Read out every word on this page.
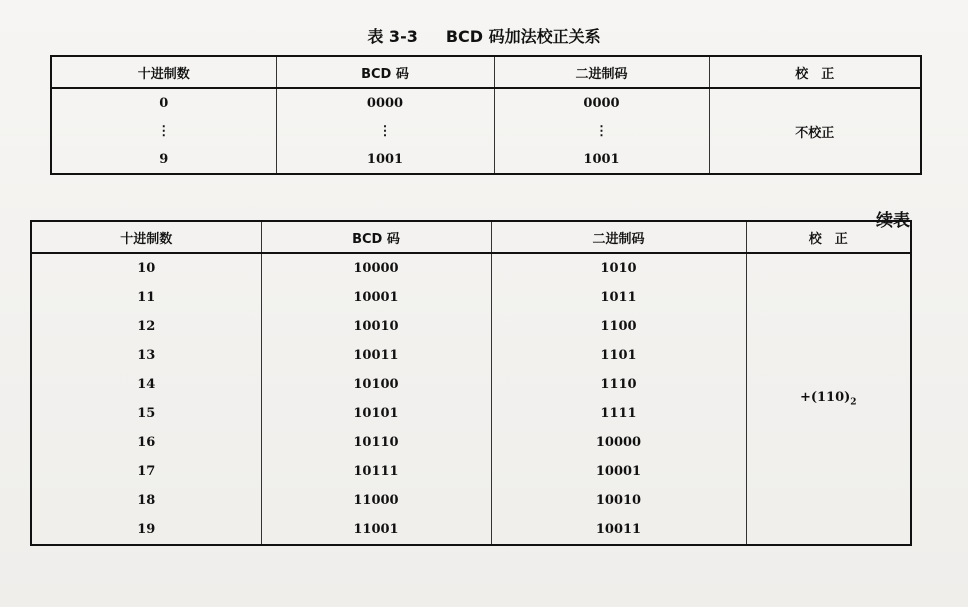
表 3-3 BCD 码加法校正关系
十进制数	BCD 码	二进制码	校　正
0	0000	0000	不校正
⋮	⋮	⋮	
9	1001	1001	
续表
十进制数	BCD 码	二进制码	校　正
10	10000	1010	$+(110)_2$
11	10001	1011	
12	10010	1100	
13	10011	1101	
14	10100	1110	
15	10101	1111	
16	10110	10000	
17	10111	10001	
18	11000	10010	
19	11001	10011	
